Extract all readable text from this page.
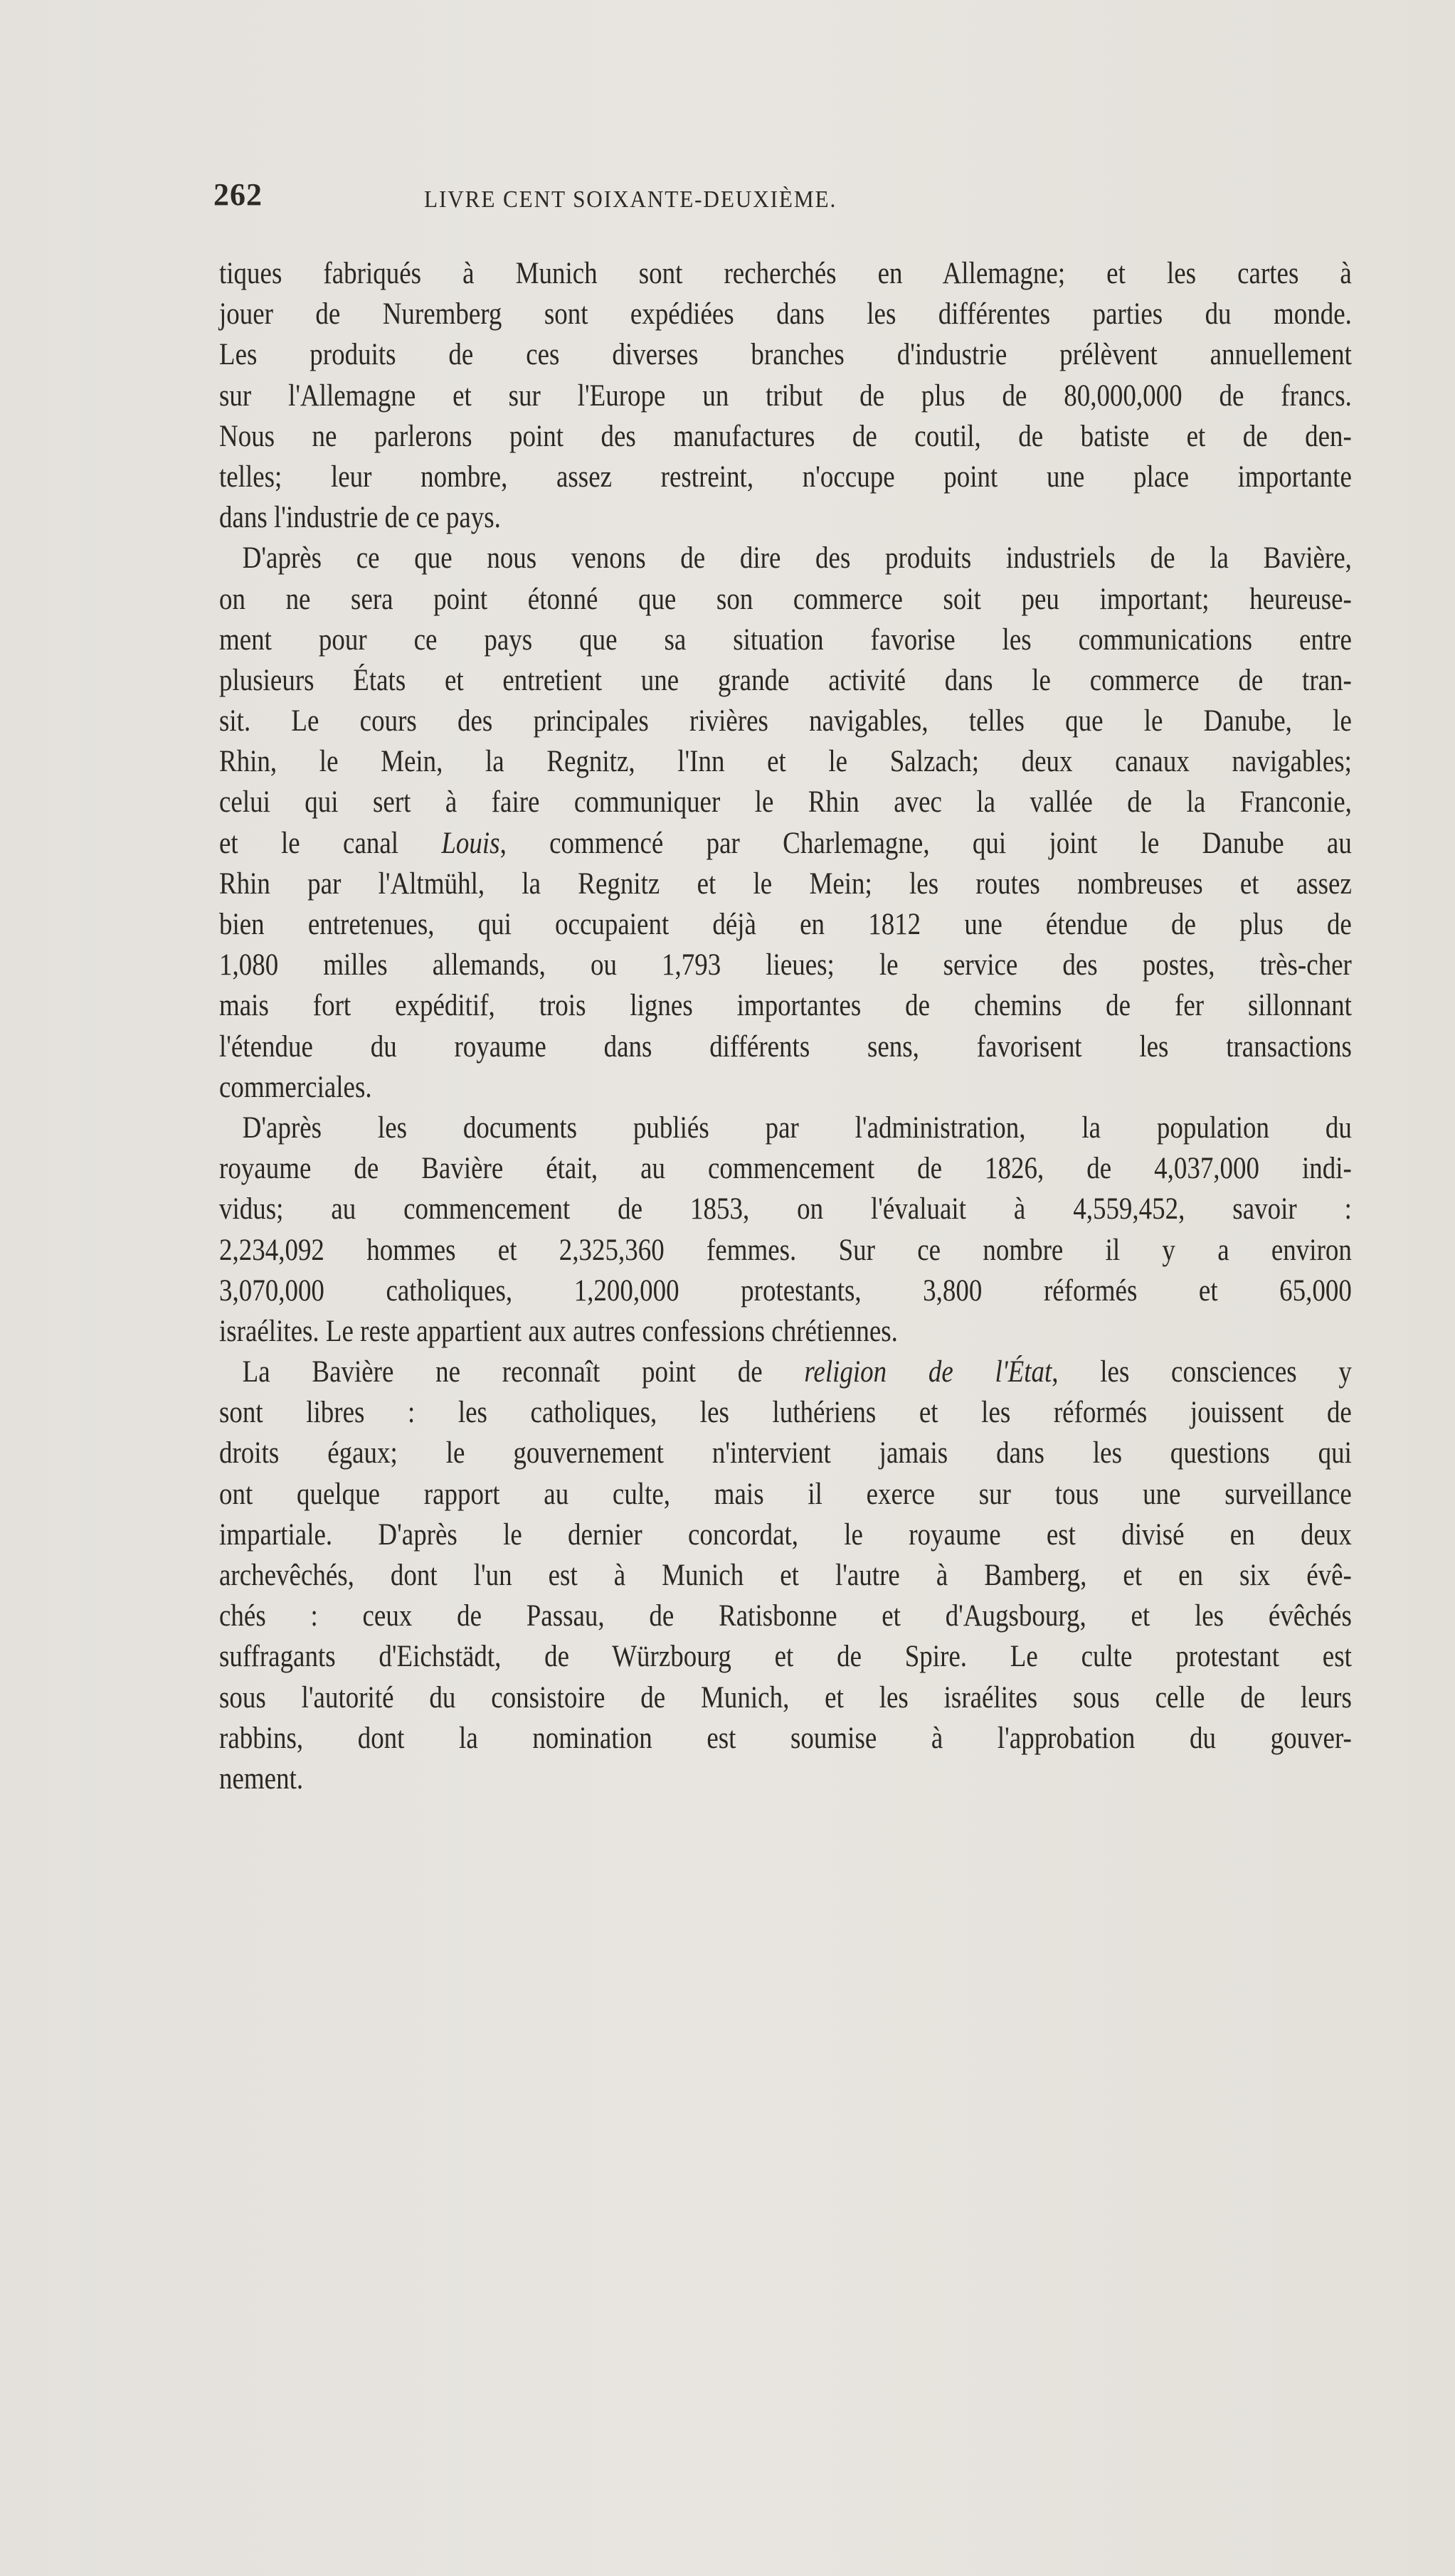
262	LIVRE CENT SOIXANTE-DEUXIÈME.
tiques fabriqués à Munich sont recherchés en Allemagne; et les cartes à
jouer de Nuremberg sont expédiées dans les différentes parties du monde.
Les produits de ces diverses branches d'industrie prélèvent annuellement
sur l'Allemagne et sur l'Europe un tribut de plus de 80,000,000 de francs.
Nous ne parlerons point des manufactures de coutil, de batiste et de den-
telles; leur nombre, assez restreint, n'occupe point une place importante
dans l'industrie de ce pays.
D'après ce que nous venons de dire des produits industriels de la Bavière,
on ne sera point étonné que son commerce soit peu important; heureuse-
ment pour ce pays que sa situation favorise les communications entre
plusieurs États et entretient une grande activité dans le commerce de tran-
sit. Le cours des principales rivières navigables, telles que le Danube, le
Rhin, le Mein, la Regnitz, l'Inn et le Salzach; deux canaux navigables;
celui qui sert à faire communiquer le Rhin avec la vallée de la Franconie,
et le canal Louis, commencé par Charlemagne, qui joint le Danube au
Rhin par l'Altmühl, la Regnitz et le Mein; les routes nombreuses et assez
bien entretenues, qui occupaient déjà en 1812 une étendue de plus de
1,080 milles allemands, ou 1,793 lieues; le service des postes, très-cher
mais fort expéditif, trois lignes importantes de chemins de fer sillonnant
l'étendue du royaume dans différents sens, favorisent les transactions
commerciales.
D'après les documents publiés par l'administration, la population du
royaume de Bavière était, au commencement de 1826, de 4,037,000 indi-
vidus; au commencement de 1853, on l'évaluait à 4,559,452, savoir :
2,234,092 hommes et 2,325,360 femmes. Sur ce nombre il y a environ
3,070,000 catholiques, 1,200,000 protestants, 3,800 réformés et 65,000
israélites. Le reste appartient aux autres confessions chrétiennes.
La Bavière ne reconnaît point de religion de l'État, les consciences y
sont libres : les catholiques, les luthériens et les réformés jouissent de
droits égaux; le gouvernement n'intervient jamais dans les questions qui
ont quelque rapport au culte, mais il exerce sur tous une surveillance
impartiale. D'après le dernier concordat, le royaume est divisé en deux
archevêchés, dont l'un est à Munich et l'autre à Bamberg, et en six évê-
chés : ceux de Passau, de Ratisbonne et d'Augsbourg, et les évêchés
suffragants d'Eichstädt, de Würzbourg et de Spire. Le culte protestant est
sous l'autorité du consistoire de Munich, et les israélites sous celle de leurs
rabbins, dont la nomination est soumise à l'approbation du gouver-
nement.
